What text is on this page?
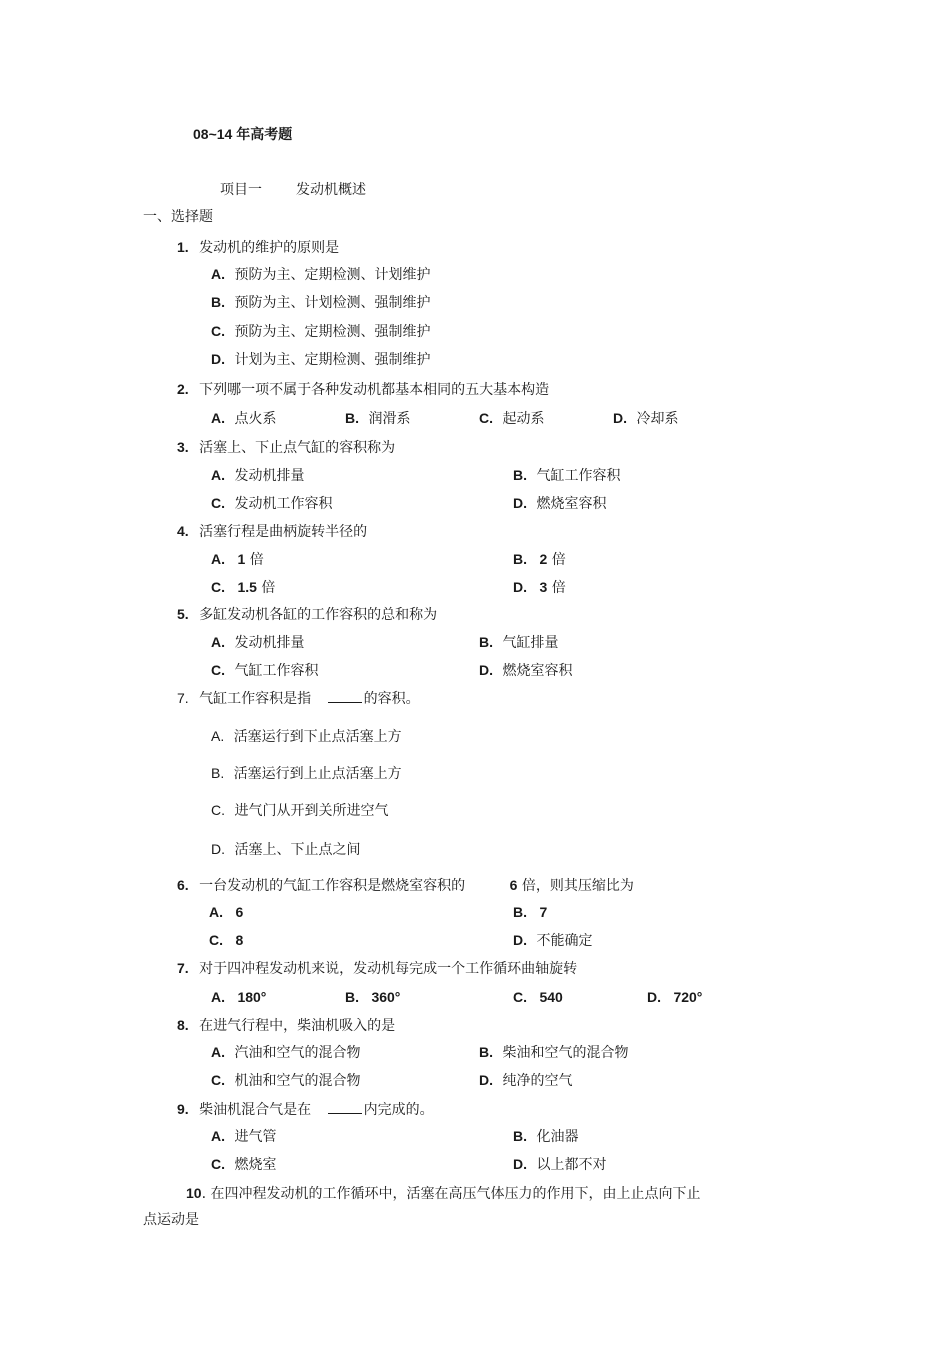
08~14 年高考题
项目一 发动机概述
一、选择题
1. 发动机的维护的原则是
A. 预防为主、定期检测、计划维护
B. 预防为主、计划检测、强制维护
C. 预防为主、定期检测、强制维护
D. 计划为主、定期检测、强制维护
2. 下列哪一项不属于各种发动机都基本相同的五大基本构造
A. 点火系	B. 润滑系	C. 起动系	D. 冷却系
3. 活塞上、下止点气缸的容积称为
A. 发动机排量	B. 气缸工作容积
C. 发动机工作容积	D. 燃烧室容积
4. 活塞行程是曲柄旋转半径的
A. 1 倍	B. 2 倍
C. 1.5 倍	D. 3 倍
5. 多缸发动机各缸的工作容积的总和称为
A. 发动机排量	B. 气缸排量
C. 气缸工作容积	D. 燃烧室容积
7. 气缸工作容积是指	的容积。
A. 活塞运行到下止点活塞上方
B. 活塞运行到上止点活塞上方
C. 进气门从开到关所进空气
D. 活塞上、下止点之间
6. 一台发动机的气缸工作容积是燃烧室容积的	6 倍，则其压缩比为
A. 6	B. 7
C. 8	D. 不能确定
7. 对于四冲程发动机来说，发动机每完成一个工作循环曲轴旋转
A. 180°	B. 360°	C. 540	D. 720°
8. 在进气行程中，柴油机吸入的是
A. 汽油和空气的混合物	B. 柴油和空气的混合物
C. 机油和空气的混合物	D. 纯净的空气
9. 柴油机混合气是在	内完成的。
A. 进气管	B. 化油器
C. 燃烧室	D. 以上都不对
10. 在四冲程发动机的工作循环中，活塞在高压气体压力的作用下，由上止点向下止
点运动是
